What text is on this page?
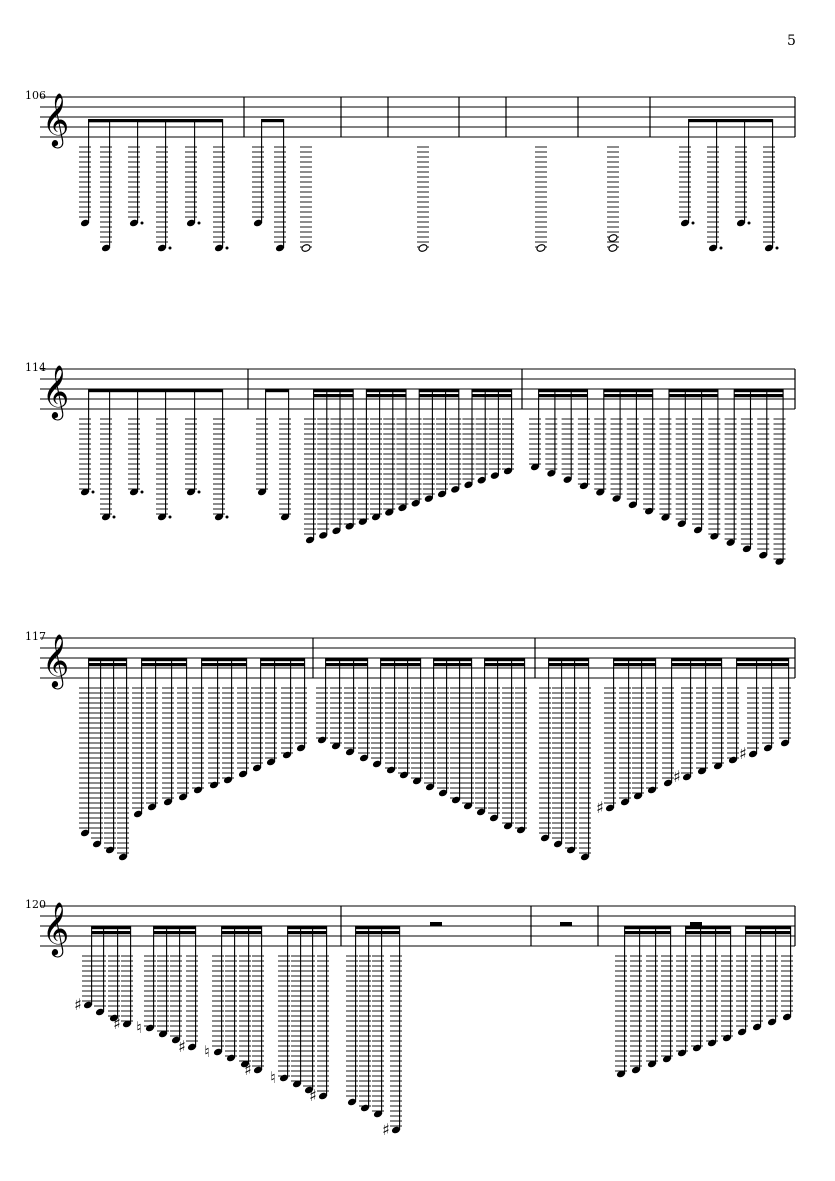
5
106
114
117
120
𝄞
𝄞
𝄞
𝄞
♯
♯
♯
♯
♯ ♮
♯ ♮
♯ ♮
♯
♯
